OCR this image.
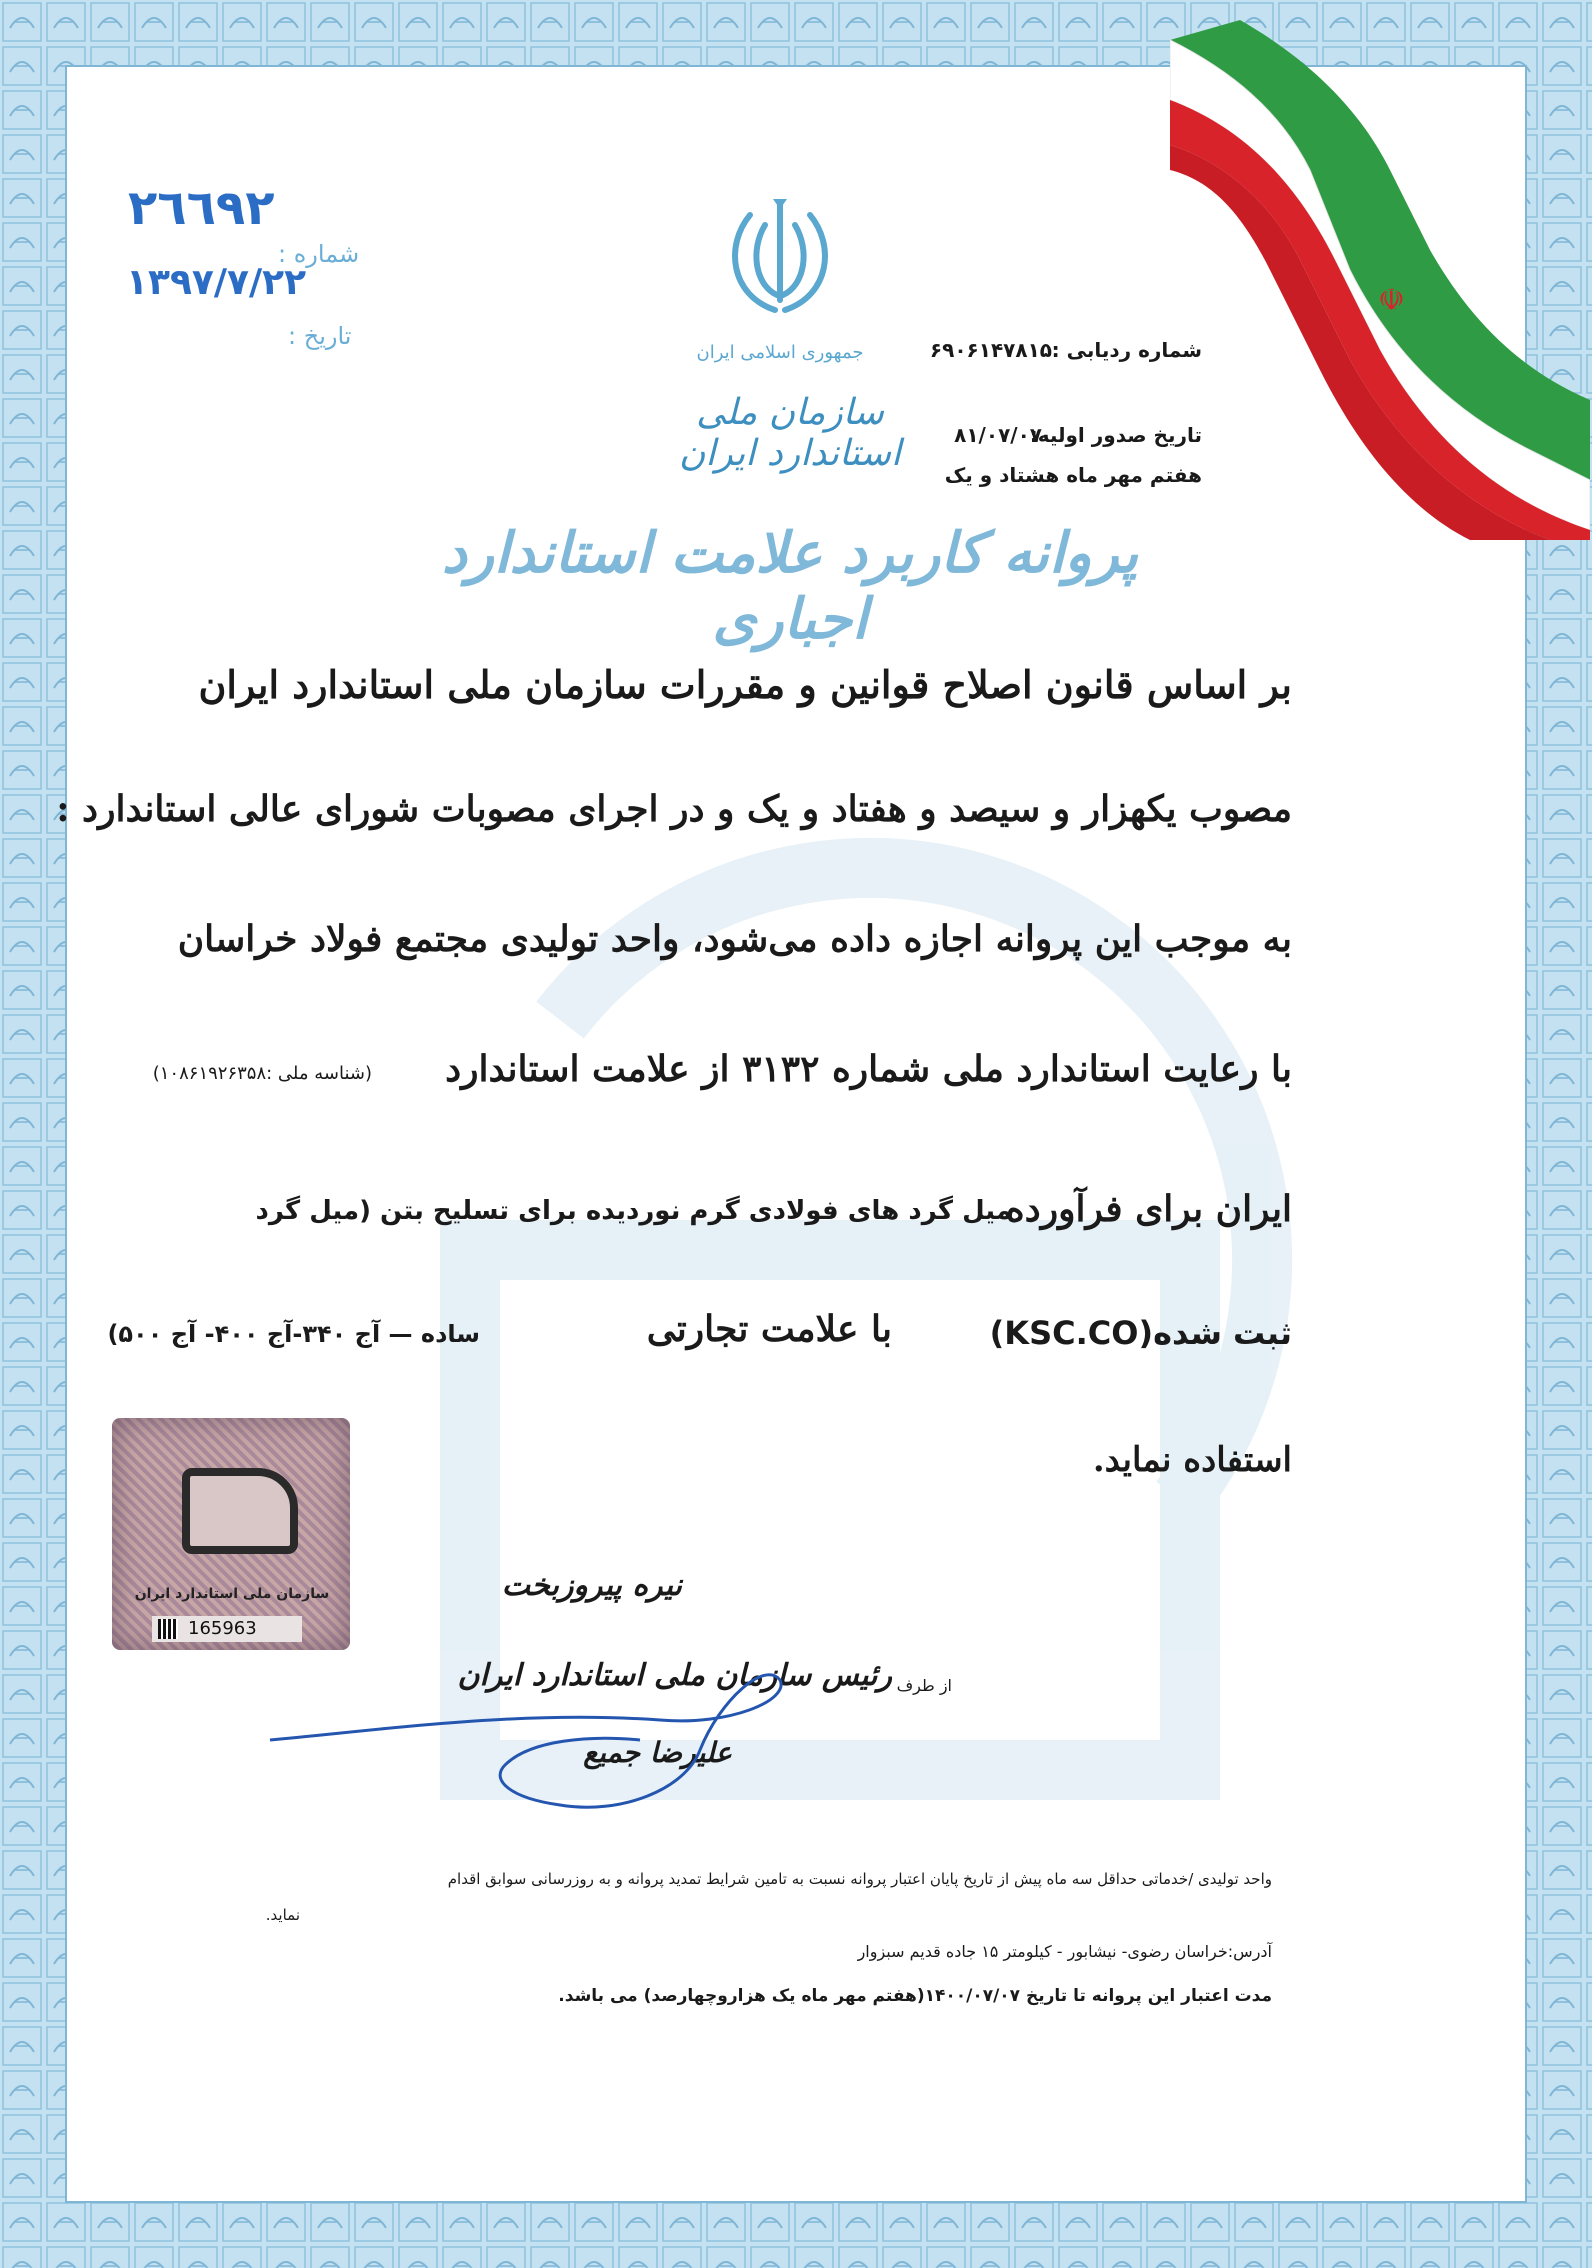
☫
شماره :
٢٦٦٩٢
١٣٩٧/٧/٢٢
تاریخ :
جمهوری اسلامی ایران
سازمان ملی استاندارد ایران
شماره ردیابی :
۶۹۰۶۱۴۷۸۱۵
تاریخ صدور اولیه:
۸۱/۰۷/۰۷
هفتم مهر ماه هشتاد و یک
پروانه کاربرد علامت استاندارد اجباری
بر اساس قانون اصلاح قوانین و مقررات سازمان ملی استاندارد ایران
مصوب یکهزار و سیصد و هفتاد و یک و در اجرای مصوبات شورای عالی استاندارد :
به موجب این پروانه اجازه داده می‌شود، واحد تولیدی مجتمع فولاد خراسان
با رعایت استاندارد ملی شماره ۳۱۳۲ از علامت استاندارد
(شناسه ملی :۱۰۸۶۱۹۲۶۳۵۸)
ایران برای فرآورده
میل گرد های فولادی گرم نوردیده برای تسلیح بتن (میل گرد
ساده — آج ۳۴۰-آج ۴۰۰- آج ۵۰۰)	با علامت تجارتی	ثبت شده(KSC.CO)
استفاده نماید.
سازمان ملی استاندارد ایران
165963
نیره پیروزبخت
از طرف
رئیس سازمان ملی استاندارد ایران
علیرضا جمیع
واحد تولیدی /خدماتی حداقل سه ماه پیش از تاریخ پایان اعتبار پروانه نسبت به تامین شرایط تمدید پروانه و به روزرسانی سوابق اقدام
نماید.
آدرس:خراسان رضوی- نیشابور - کیلومتر ۱۵ جاده قدیم سبزوار
مدت اعتبار این پروانه تا تاریخ ۱۴۰۰/۰۷/۰۷(هفتم مهر ماه یک هزاروچهارصد) می باشد.
